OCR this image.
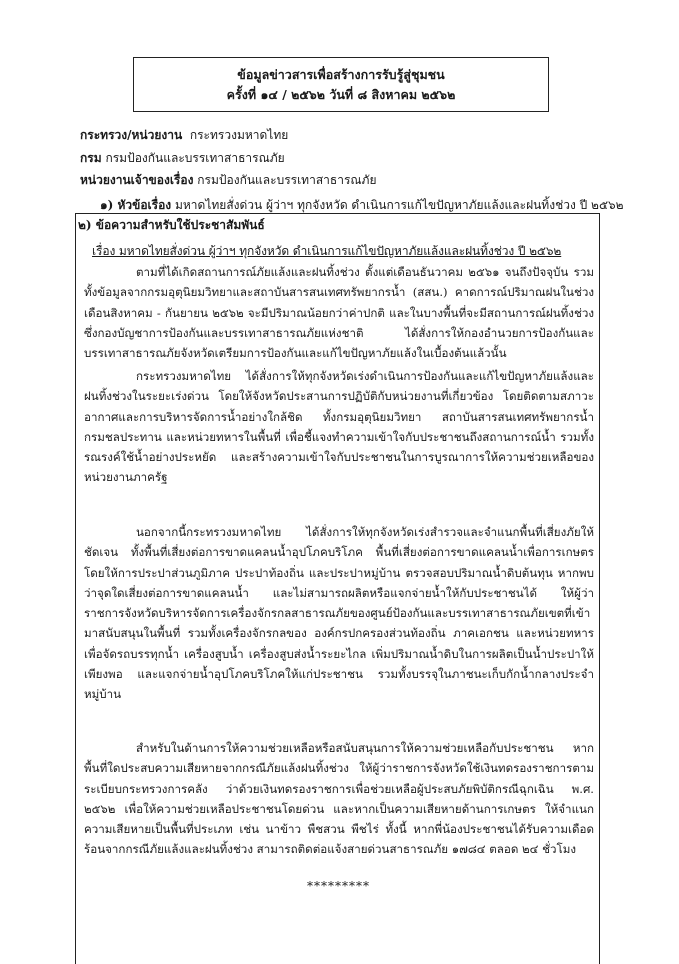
ข้อมูลข่าวสารเพื่อสร้างการรับรู้สู่ชุมชน
ครั้งที่ ๑๔ / ๒๕๖๒ วันที่ ๘ สิงหาคม ๒๕๖๒
กระทรวง/หน่วยงาน กระทรวงมหาดไทย
กรม กรมป้องกันและบรรเทาสาธารณภัย
หน่วยงานเจ้าของเรื่อง กรมป้องกันและบรรเทาสาธารณภัย
๑) หัวข้อเรื่อง มหาดไทยสั่งด่วน ผู้ว่าฯ ทุกจังหวัด ดำเนินการแก้ไขปัญหาภัยแล้งและฝนทิ้งช่วง ปี ๒๕๖๒
๒) ข้อความสำหรับใช้ประชาสัมพันธ์
เรื่อง มหาดไทยสั่งด่วน ผู้ว่าฯ ทุกจังหวัด ดำเนินการแก้ไขปัญหาภัยแล้งและฝนทิ้งช่วง ปี ๒๕๖๒

ตามที่ได้เกิดสถานการณ์ภัยแล้งและฝนทิ้งช่วง ตั้งแต่เดือนธันวาคม ๒๕๖๑ จนถึงปัจจุบัน รวมทั้งข้อมูลจากกรมอุตุนิยมวิทยาและสถาบันสารสนเทศทรัพยากรน้ำ (สสน.) คาดการณ์ปริมาณฝนในช่วงเดือนสิงหาคม - กันยายน ๒๕๖๒ จะมีปริมาณน้อยกว่าค่าปกติ และในบางพื้นที่จะมีสถานการณ์ฝนทิ้งช่วง ซึ่งกองบัญชาการป้องกันและบรรเทาสาธารณภัยแห่งชาติ ได้สั่งการให้กองอำนวยการป้องกันและบรรเทาสาธารณภัยจังหวัดเตรียมการป้องกันและแก้ไขปัญหาภัยแล้งในเบื้องต้นแล้วนั้น

กระทรวงมหาดไทย ได้สั่งการให้ทุกจังหวัดเร่งดำเนินการป้องกันและแก้ไขปัญหาภัยแล้งและฝนทิ้งช่วงในระยะเร่งด่วน โดยให้จังหวัดประสานการปฏิบัติกับหน่วยงานที่เกี่ยวข้อง โดยติดตามสภาวะอากาศและการบริหารจัดการน้ำอย่างใกล้ชิด ทั้งกรมอุตุนิยมวิทยา สถาบันสารสนเทศทรัพยากรน้ำ กรมชลประทาน และหน่วยทหารในพื้นที่ เพื่อชี้แจงทำความเข้าใจกับประชาชนถึงสถานการณ์น้ำ รวมทั้งรณรงค์ใช้น้ำอย่างประหยัด และสร้างความเข้าใจกับประชาชนในการบูรณาการให้ความช่วยเหลือของหน่วยงานภาครัฐ

นอกจากนี้กระทรวงมหาดไทย ได้สั่งการให้ทุกจังหวัดเร่งสำรวจและจำแนกพื้นที่เสี่ยงภัยให้ชัดเจน ทั้งพื้นที่เสี่ยงต่อการขาดแคลนน้ำอุปโภคบริโภค พื้นที่เสี่ยงต่อการขาดแคลนน้ำเพื่อการเกษตร โดยให้การประปาส่วนภูมิภาค ประปาท้องถิ่น และประปาหมู่บ้าน ตรวจสอบปริมาณน้ำดิบต้นทุน หากพบว่าจุดใดเสี่ยงต่อการขาดแคลนน้ำ และไม่สามารถผลิตหรือแจกจ่ายน้ำให้กับประชาชนได้ ให้ผู้ว่าราชการจังหวัดบริหารจัดการเครื่องจักรกลสาธารณภัยของศูนย์ป้องกันและบรรเทาสาธารณภัยเขตที่เข้ามาสนับสนุนในพื้นที่ รวมทั้งเครื่องจักรกลของ องค์กรปกครองส่วนท้องถิ่น ภาคเอกชน และหน่วยทหาร เพื่อจัดรถบรรทุกน้ำ เครื่องสูบน้ำ เครื่องสูบส่งน้ำระยะไกล เพิ่มปริมาณน้ำดิบในการผลิตเป็นน้ำประปาให้เพียงพอ และแจกจ่ายน้ำอุปโภคบริโภคให้แก่ประชาชน รวมทั้งบรรจุในภาชนะเก็บกักน้ำกลางประจำหมู่บ้าน

สำหรับในด้านการให้ความช่วยเหลือหรือสนับสนุนการให้ความช่วยเหลือกับประชาชน หากพื้นที่ใดประสบความเสียหายจากกรณีภัยแล้งฝนทิ้งช่วง ให้ผู้ว่าราชการจังหวัดใช้เงินทดรองราชการตามระเบียบกระทรวงการคลัง ว่าด้วยเงินทดรองราชการเพื่อช่วยเหลือผู้ประสบภัยพิบัติกรณีฉุกเฉิน พ.ศ. ๒๕๖๒ เพื่อให้ความช่วยเหลือประชาชนโดยด่วน และหากเป็นความเสียหายด้านการเกษตร ให้จำแนกความเสียหายเป็นพื้นที่ประเภท เช่น นาข้าว พืชสวน พืชไร่ ทั้งนี้ หากพี่น้องประชาชนได้รับความเดือดร้อนจากกรณีภัยแล้งและฝนทิ้งช่วง สามารถติดต่อแจ้งสายด่วนสาธารณภัย ๑๗๘๔ ตลอด ๒๔ ชั่วโมง

*********
